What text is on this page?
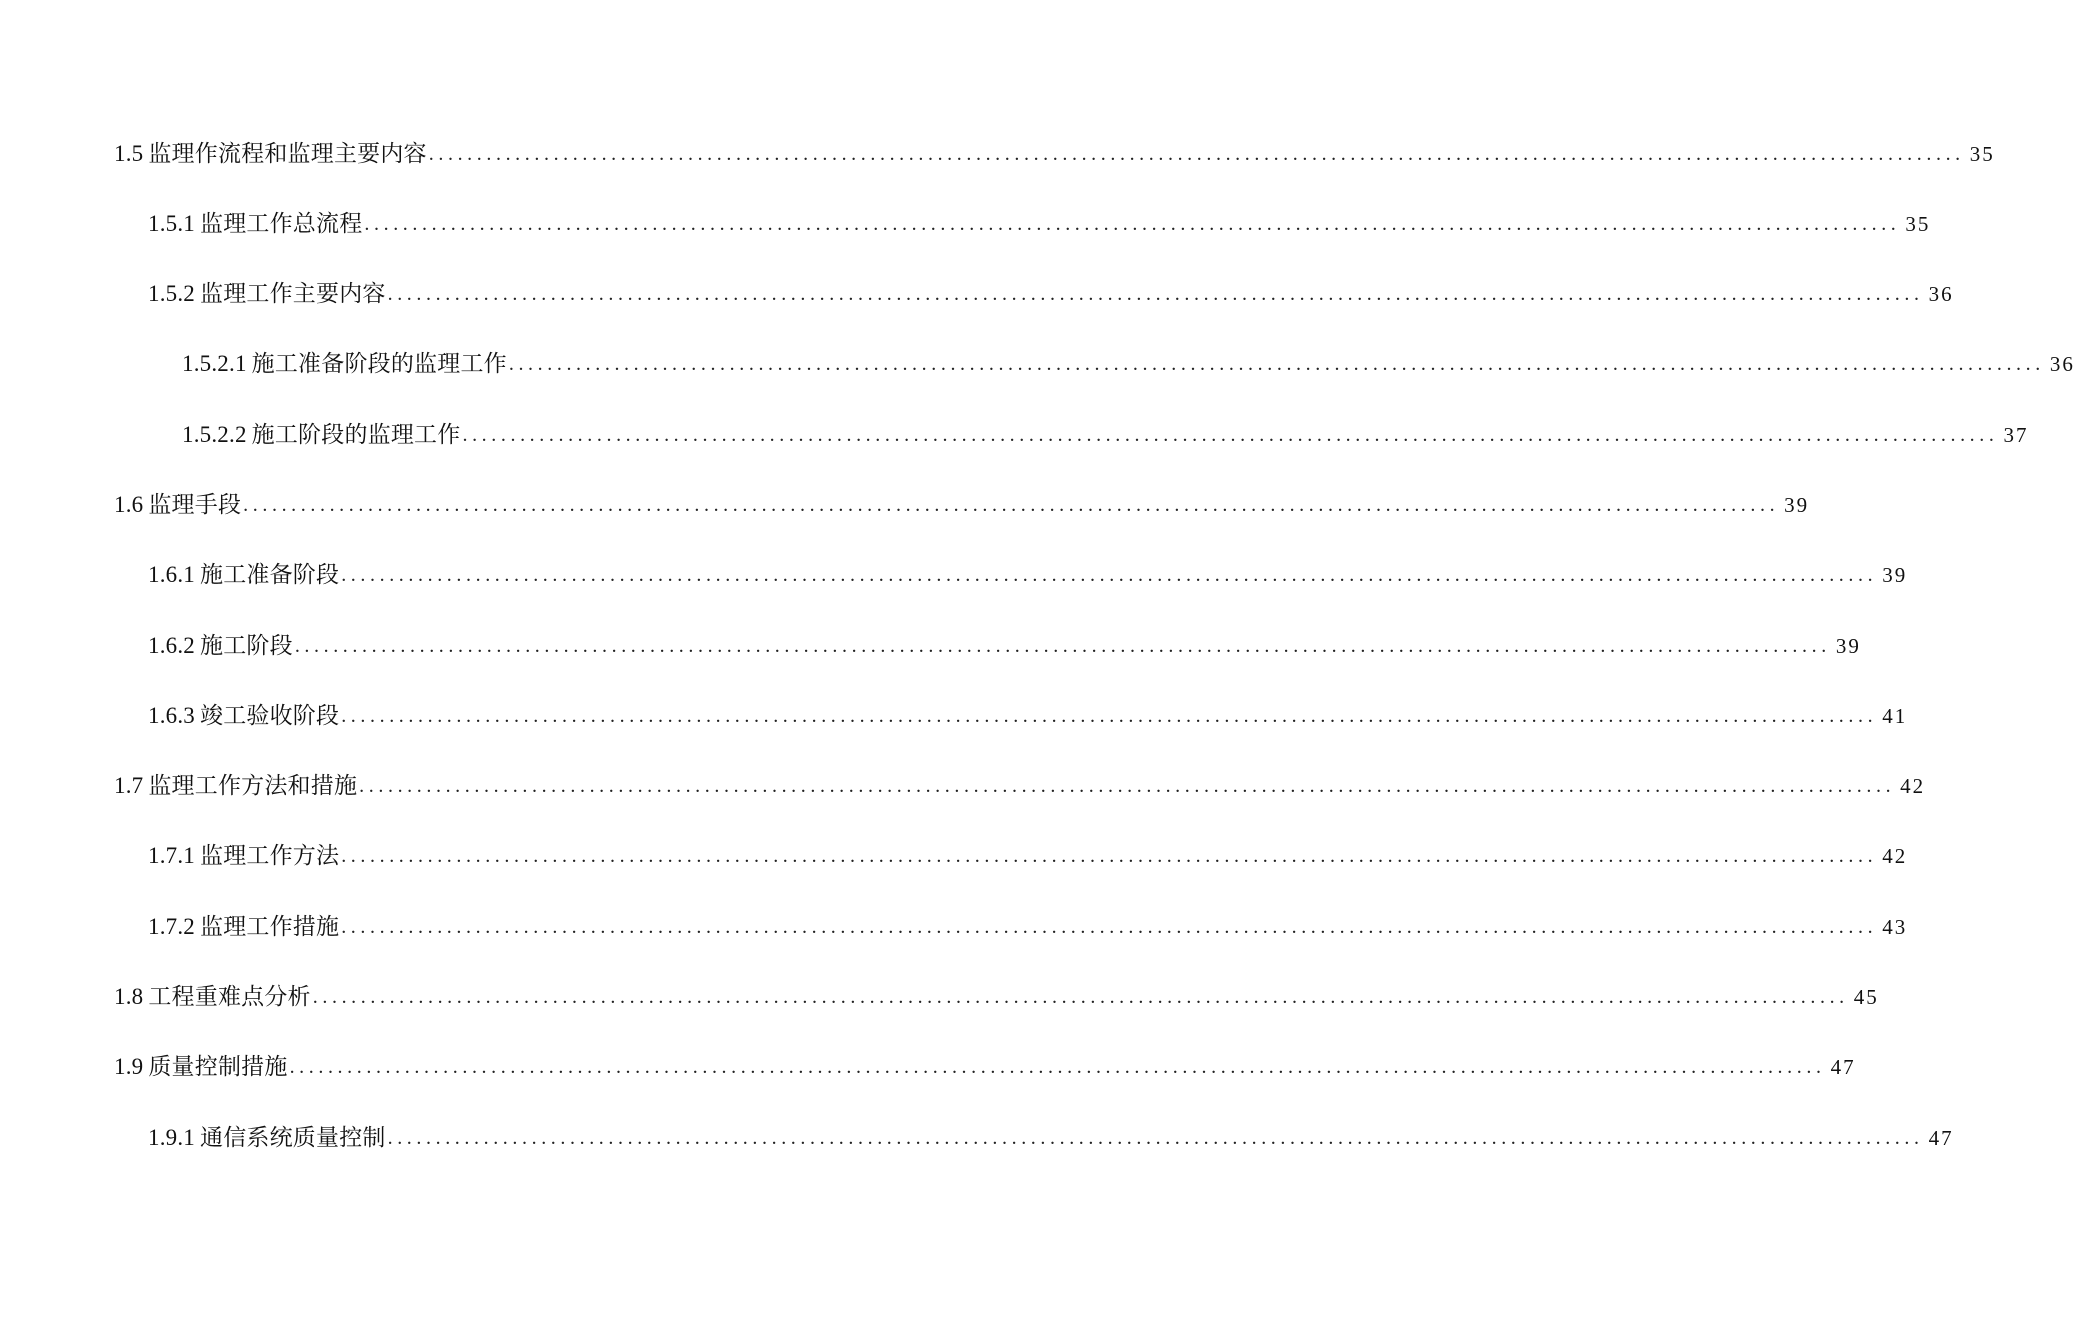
1.5 监理作流程和监理主要内容 ................................................................................................................................................................ 35
1.5.1 监理工作总流程 ................................................................................................................................................................ 35
1.5.2 监理工作主要内容 ................................................................................................................................................................ 36
1.5.2.1 施工准备阶段的监理工作 ................................................................................................................................................................ 36
1.5.2.2 施工阶段的监理工作 ................................................................................................................................................................ 37
1.6 监理手段 ................................................................................................................................................................ 39
1.6.1 施工准备阶段 ................................................................................................................................................................ 39
1.6.2 施工阶段 ................................................................................................................................................................ 39
1.6.3 竣工验收阶段 ................................................................................................................................................................ 41
1.7 监理工作方法和措施 ................................................................................................................................................................ 42
1.7.1 监理工作方法 ................................................................................................................................................................ 42
1.7.2 监理工作措施 ................................................................................................................................................................ 43
1.8 工程重难点分析 ................................................................................................................................................................ 45
1.9 质量控制措施 ................................................................................................................................................................ 47
1.9.1 通信系统质量控制 ................................................................................................................................................................ 47
